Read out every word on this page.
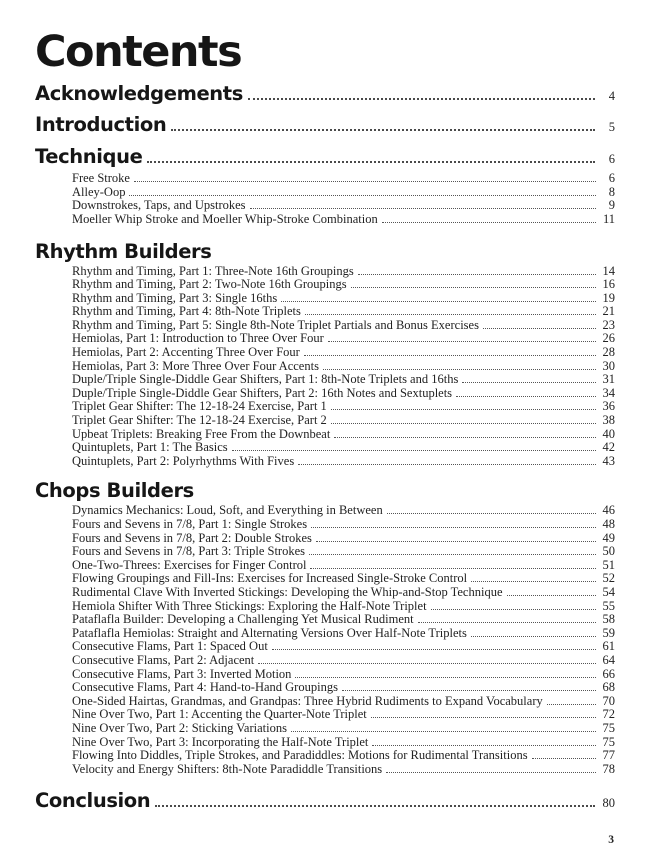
Contents
Acknowledgements	4
Introduction	5
Technique	6
Free Stroke	6
Alley-Oop	8
Downstrokes, Taps, and Upstrokes	9
Moeller Whip Stroke and Moeller Whip-Stroke Combination	11
Rhythm Builders
Rhythm and Timing, Part 1: Three-Note 16th Groupings	14
Rhythm and Timing, Part 2: Two-Note 16th Groupings	16
Rhythm and Timing, Part 3: Single 16ths	19
Rhythm and Timing, Part 4: 8th-Note Triplets	21
Rhythm and Timing, Part 5: Single 8th-Note Triplet Partials and Bonus Exercises	23
Hemiolas, Part 1: Introduction to Three Over Four	26
Hemiolas, Part 2: Accenting Three Over Four	28
Hemiolas, Part 3: More Three Over Four Accents	30
Duple/Triple Single-Diddle Gear Shifters, Part 1: 8th-Note Triplets and 16ths	31
Duple/Triple Single-Diddle Gear Shifters, Part 2: 16th Notes and Sextuplets	34
Triplet Gear Shifter: The 12-18-24 Exercise, Part 1	36
Triplet Gear Shifter: The 12-18-24 Exercise, Part 2	38
Upbeat Triplets: Breaking Free From the Downbeat	40
Quintuplets, Part 1: The Basics	42
Quintuplets, Part 2: Polyrhythms With Fives	43
Chops Builders
Dynamics Mechanics: Loud, Soft, and Everything in Between	46
Fours and Sevens in 7/8, Part 1: Single Strokes	48
Fours and Sevens in 7/8, Part 2: Double Strokes	49
Fours and Sevens in 7/8, Part 3: Triple Strokes	50
One-Two-Threes: Exercises for Finger Control	51
Flowing Groupings and Fill-Ins: Exercises for Increased Single-Stroke Control	52
Rudimental Clave With Inverted Stickings: Developing the Whip-and-Stop Technique	54
Hemiola Shifter With Three Stickings: Exploring the Half-Note Triplet	55
Pataflafla Builder: Developing a Challenging Yet Musical Rudiment	58
Pataflafla Hemiolas: Straight and Alternating Versions Over Half-Note Triplets	59
Consecutive Flams, Part 1: Spaced Out	61
Consecutive Flams, Part 2: Adjacent	64
Consecutive Flams, Part 3: Inverted Motion	66
Consecutive Flams, Part 4: Hand-to-Hand Groupings	68
One-Sided Hairtas, Grandmas, and Grandpas: Three Hybrid Rudiments to Expand Vocabulary	70
Nine Over Two, Part 1: Accenting the Quarter-Note Triplet	72
Nine Over Two, Part 2: Sticking Variations	75
Nine Over Two, Part 3: Incorporating the Half-Note Triplet	75
Flowing Into Diddles, Triple Strokes, and Paradiddles: Motions for Rudimental Transitions	77
Velocity and Energy Shifters: 8th-Note Paradiddle Transitions	78
Conclusion	80
3
